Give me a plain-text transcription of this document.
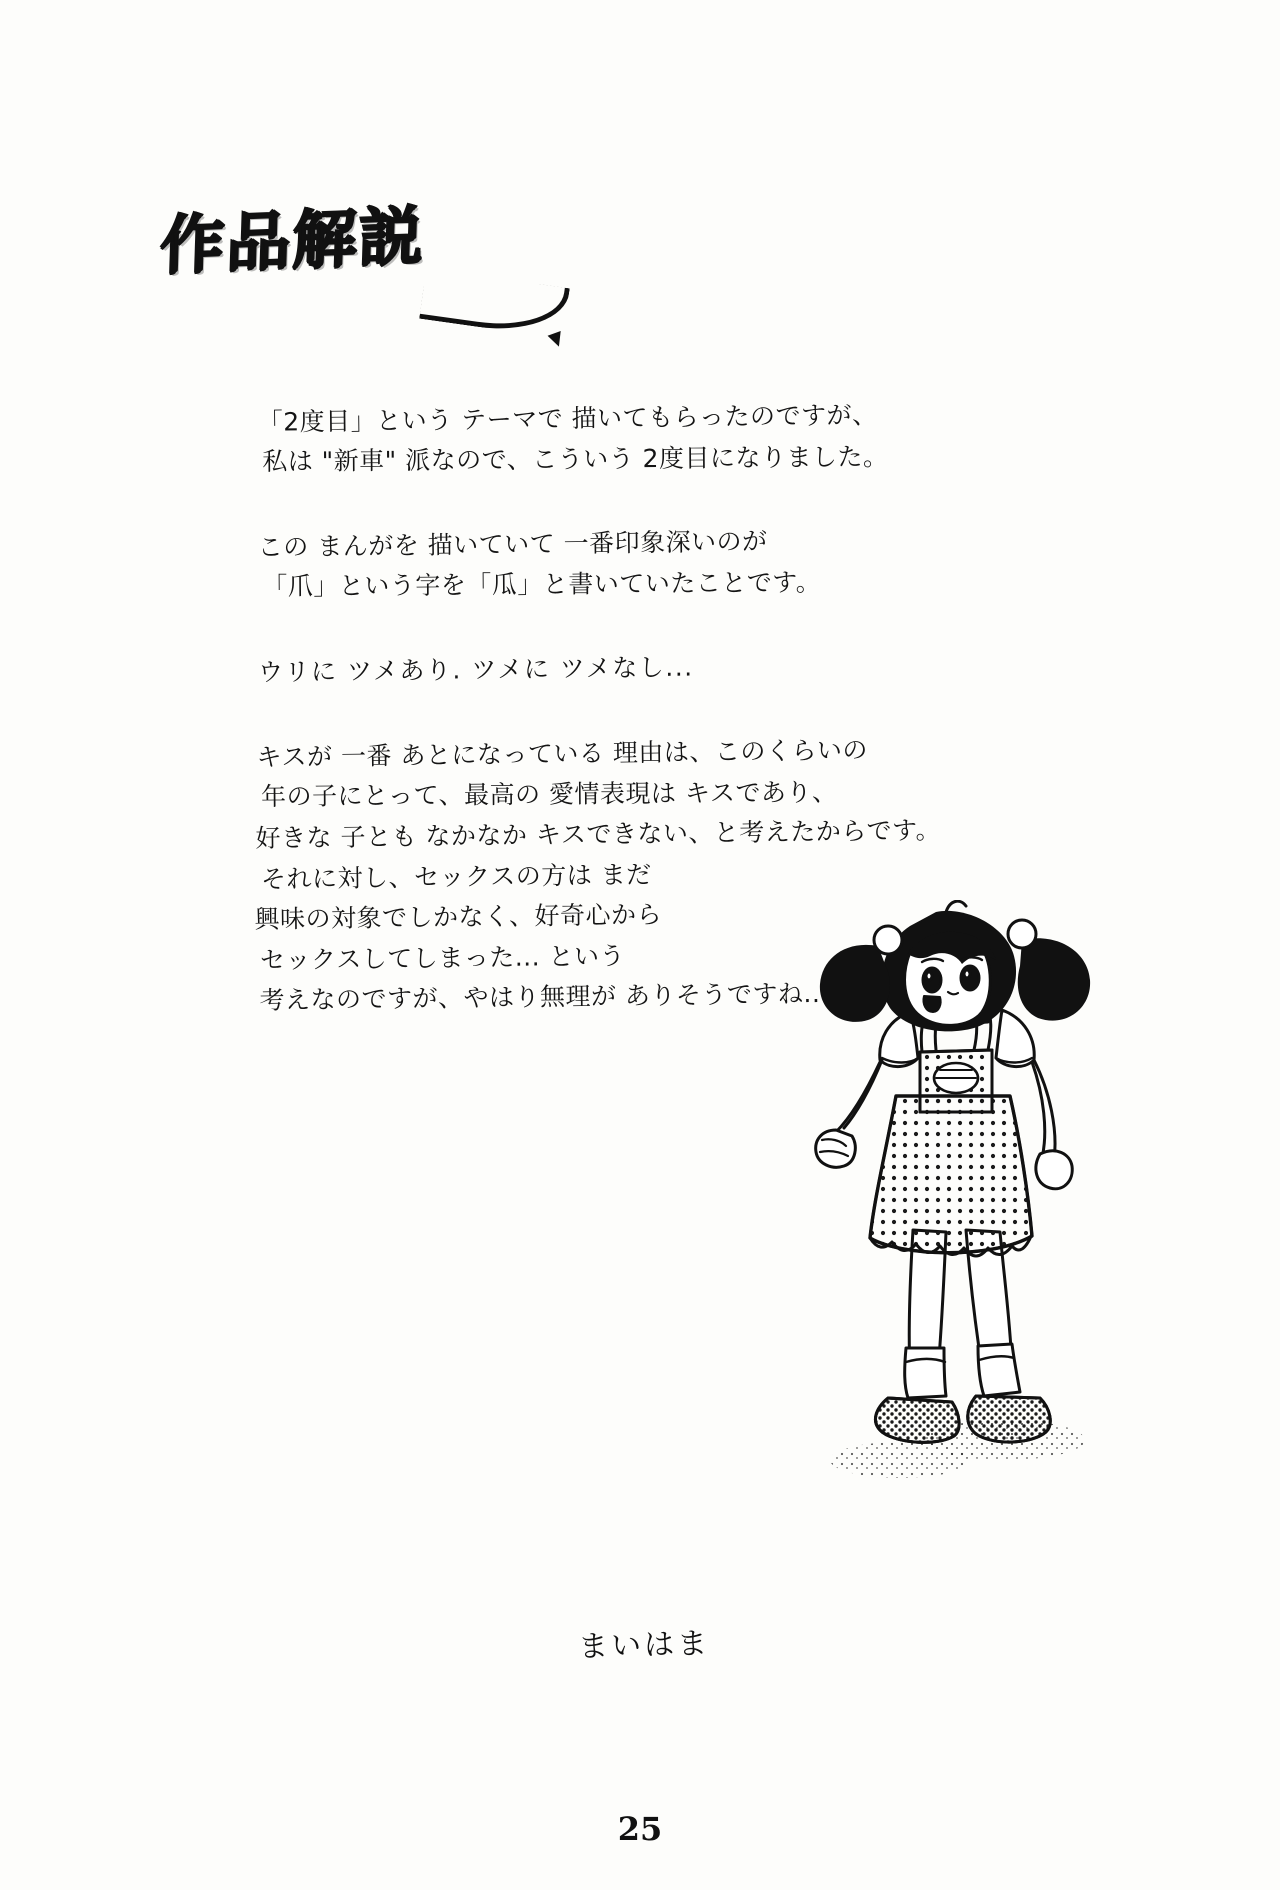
作品解説
「2度目」という テーマで 描いてもらったのですが、
私は "新車" 派なので、こういう 2度目になりました。
この まんがを 描いていて 一番印象深いのが
「爪」という字を「瓜」と書いていたことです。
ウリに ツメあり. ツメに ツメなし...
キスが 一番 あとになっている 理由は、このくらいの
年の子にとって、最高の 愛情表現は キスであり、
好きな 子とも なかなか キスできない、と考えたからです。
それに対し、セックスの方は まだ
興味の対象でしかなく、好奇心から
セックスしてしまった... という
考えなのですが、やはり無理が ありそうですね..
まいはま
25
